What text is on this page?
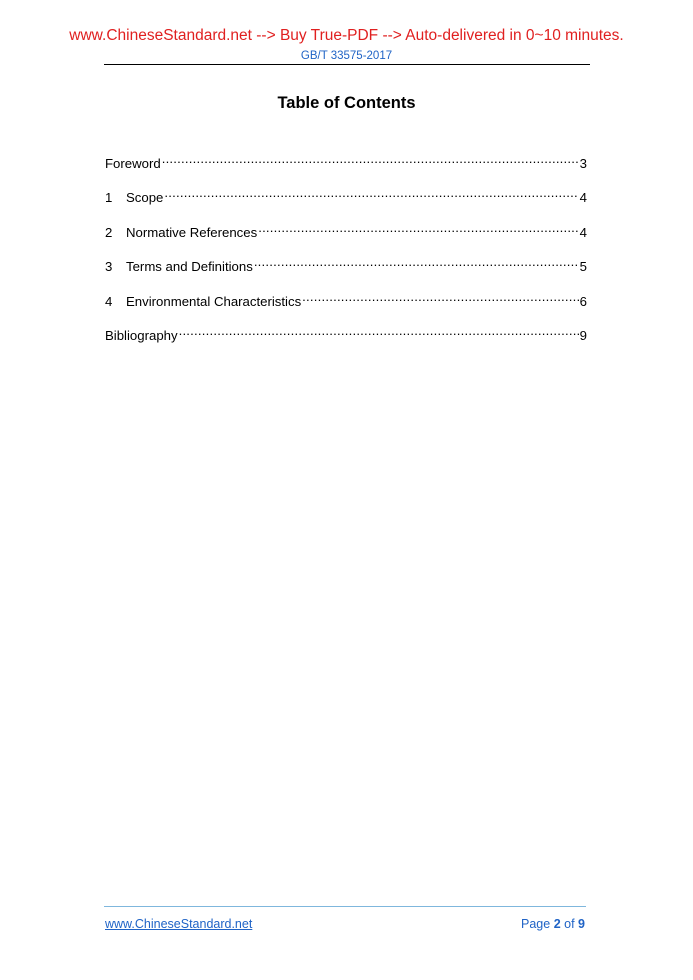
www.ChineseStandard.net --> Buy True-PDF --> Auto-delivered in 0~10 minutes.
GB/T 33575-2017
Table of Contents
Foreword .....	3
1	Scope .....	4
2	Normative References .....	4
3	Terms and Definitions .....	5
4	Environmental Characteristics .....	6
Bibliography .....	9
www.ChineseStandard.net	Page 2 of 9
